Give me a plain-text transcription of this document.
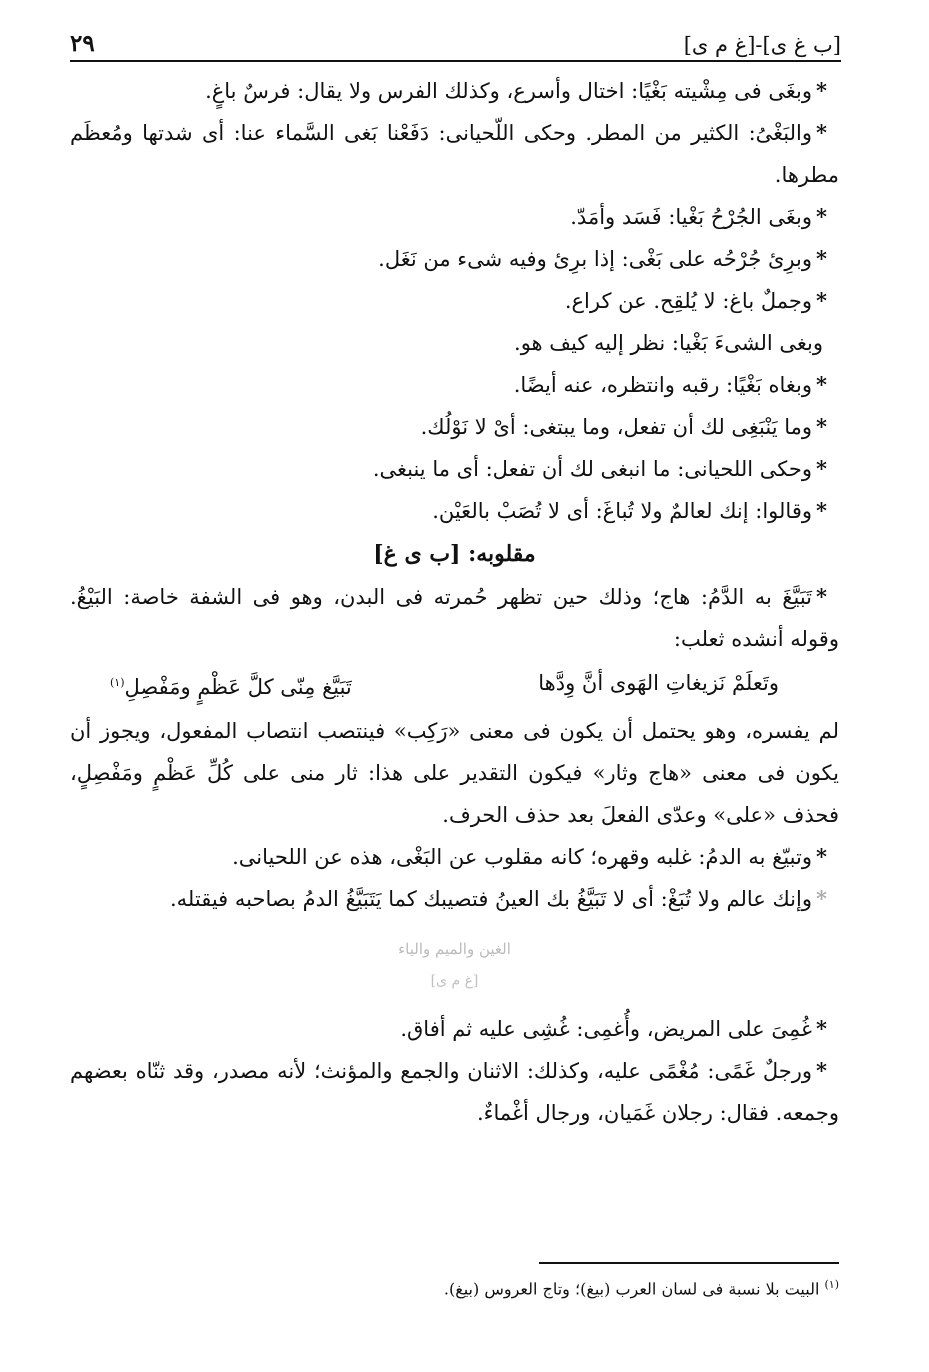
[ب غ ى]-[غ م ى]
٢٩

*وبغَى فى مِشْيته بَغْيًا: اختال وأسرع، وكذلك الفرس ولا يقال: فرسٌ باغٍ.

*والبَغْىُ: الكثير من المطر. وحكى اللّحيانى: دَفَعْنا بَغى السَّماء عنا: أى شدتها ومُعظَم مطرها.

*وبغَى الجُرْحُ بَغْيا: فَسَد وأمَدّ.

*وبرِئ جُرْحُه على بَغْى: إذا برِئ وفيه شىء من نَغَل.

*وجملٌ باغ: لا يُلقِح. عن كراع.

وبغى الشىءَ بَغْيا: نظر إليه كيف هو.

*وبغاه بَغْيًا: رقبه وانتظره، عنه أيضًا.

*وما يَنْبَغِى لك أن تفعل، وما يبتغى: أىْ لا نَوْلُك.

*وحكى اللحيانى: ما انبغى لك أن تفعل: أى ما ينبغى.

*وقالوا: إنك لعالمٌ ولا تُباغَ: أى لا تُصَبْ بالعَيْن.

مقلوبه: [ب ى غ]

*تَبَيَّغَ به الدَّمُ: هاج؛ وذلك حين تظهر حُمرته فى البدن، وهو فى الشفة خاصة: البَيْغُ. وقوله أنشده ثعلب:

وتَعلَمْ نَزيغاتِ الهَوى أنَّ وِدَّها
تَبَيَّغ مِنّى كلَّ عَظْمٍ ومَفْصِلِ$^{(١)}$

لم يفسره، وهو يحتمل أن يكون فى معنى «رَكِب» فينتصب انتصاب المفعول، ويجوز أن يكون فى معنى «هاج وثار» فيكون التقدير على هذا: ثار منى على كُلِّ عَظْمٍ ومَفْصِلٍ، فحذف «على» وعدّى الفعلَ بعد حذف الحرف.

*وتبيّغ به الدمُ: غلبه وقهره؛ كانه مقلوب عن البَغْى، هذه عن اللحيانى.

*وإنك عالم ولا تُبَغْ: أى لا تَبَيَّغُ بك العينُ فتصيبك كما يَتَبَيَّغُ الدمُ بصاحبه فيقتله.

الغين والميم والياء
[غ م ى]

*غُمِىَ على المريض، وأُغمِى: غُشِى عليه ثم أفاق.

*ورجلٌ غَمًى: مُغْمًى عليه، وكذلك: الاثنان والجمع والمؤنث؛ لأنه مصدر، وقد ثنّاه بعضهم وجمعه. فقال: رجلان غَمَيان، ورجال أغْماءٌ.

$^{(١)}$ البيت بلا نسبة فى لسان العرب (بيغ)؛ وتاج العروس (بيغ).
